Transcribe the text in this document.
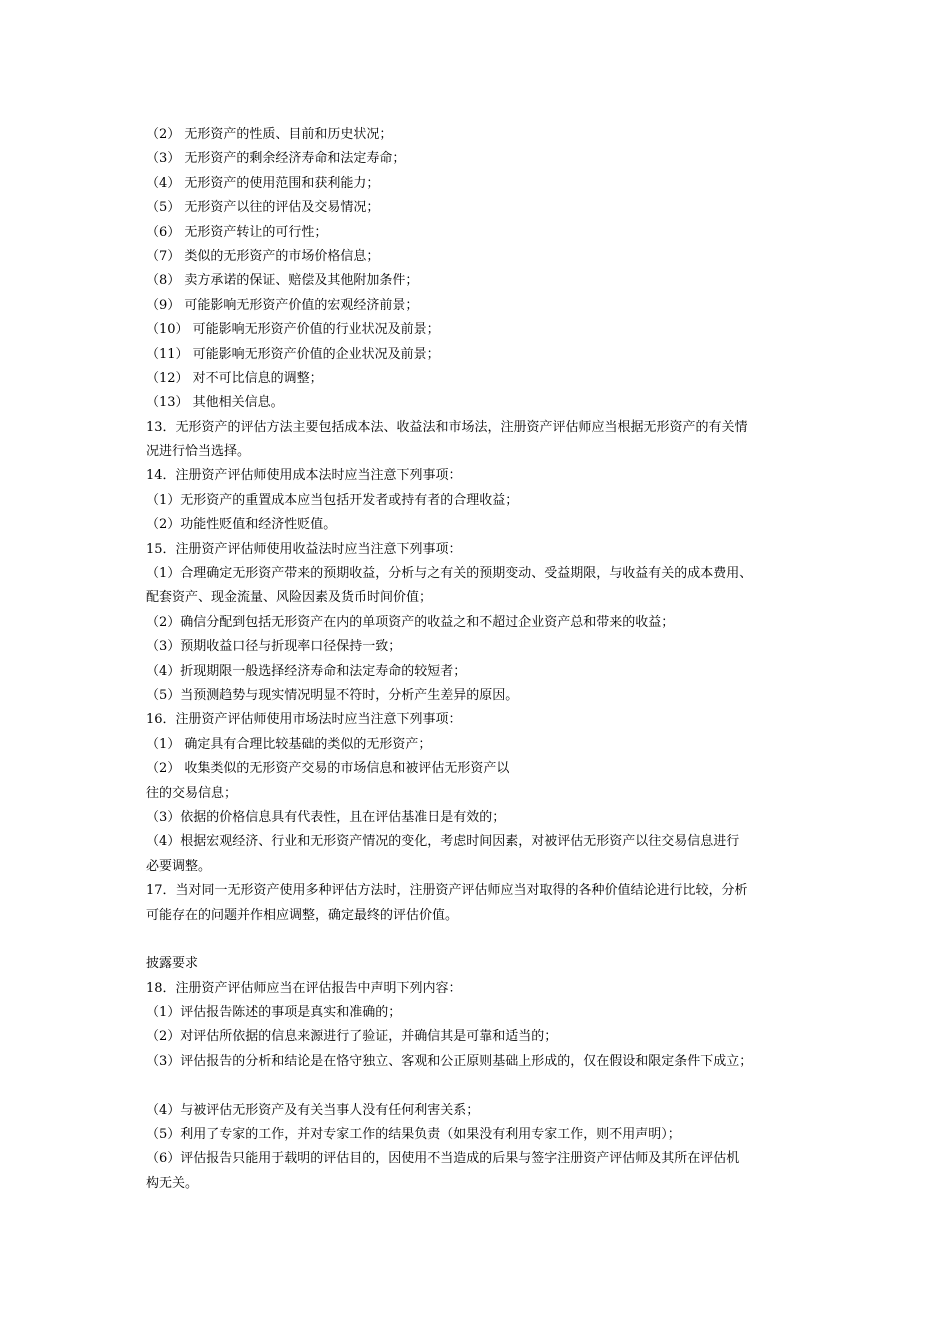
（2） 无形资产的性质、目前和历史状况；
（3） 无形资产的剩余经济寿命和法定寿命；
（4） 无形资产的使用范围和获利能力；
（5） 无形资产以往的评估及交易情况；
（6） 无形资产转让的可行性；
（7） 类似的无形资产的市场价格信息；
（8） 卖方承诺的保证、赔偿及其他附加条件；
（9） 可能影响无形资产价值的宏观经济前景；
（10） 可能影响无形资产价值的行业状况及前景；
（11） 可能影响无形资产价值的企业状况及前景；
（12） 对不可比信息的调整；
（13） 其他相关信息。
13．无形资产的评估方法主要包括成本法、收益法和市场法，注册资产评估师应当根据无形资产的有关情
况进行恰当选择。
14．注册资产评估师使用成本法时应当注意下列事项：
（1）无形资产的重置成本应当包括开发者或持有者的合理收益；
（2）功能性贬值和经济性贬值。
15．注册资产评估师使用收益法时应当注意下列事项：
（1）合理确定无形资产带来的预期收益，分析与之有关的预期变动、受益期限，与收益有关的成本费用、
配套资产、现金流量、风险因素及货币时间价值；
（2）确信分配到包括无形资产在内的单项资产的收益之和不超过企业资产总和带来的收益；
（3）预期收益口径与折现率口径保持一致；
（4）折现期限一般选择经济寿命和法定寿命的较短者；
（5）当预测趋势与现实情况明显不符时，分析产生差异的原因。
16．注册资产评估师使用市场法时应当注意下列事项：
（1） 确定具有合理比较基础的类似的无形资产；
（2） 收集类似的无形资产交易的市场信息和被评估无形资产以
往的交易信息；
（3）依据的价格信息具有代表性，且在评估基准日是有效的；
（4）根据宏观经济、行业和无形资产情况的变化，考虑时间因素，对被评估无形资产以往交易信息进行
必要调整。
17．当对同一无形资产使用多种评估方法时，注册资产评估师应当对取得的各种价值结论进行比较，分析
可能存在的问题并作相应调整，确定最终的评估价值。
披露要求
18．注册资产评估师应当在评估报告中声明下列内容：
（1）评估报告陈述的事项是真实和准确的；
（2）对评估所依据的信息来源进行了验证，并确信其是可靠和适当的；
（3）评估报告的分析和结论是在恪守独立、客观和公正原则基础上形成的，仅在假设和限定条件下成立；
（4）与被评估无形资产及有关当事人没有任何利害关系；
（5）利用了专家的工作，并对专家工作的结果负责（如果没有利用专家工作，则不用声明）；
（6）评估报告只能用于载明的评估目的，因使用不当造成的后果与签字注册资产评估师及其所在评估机
构无关。
